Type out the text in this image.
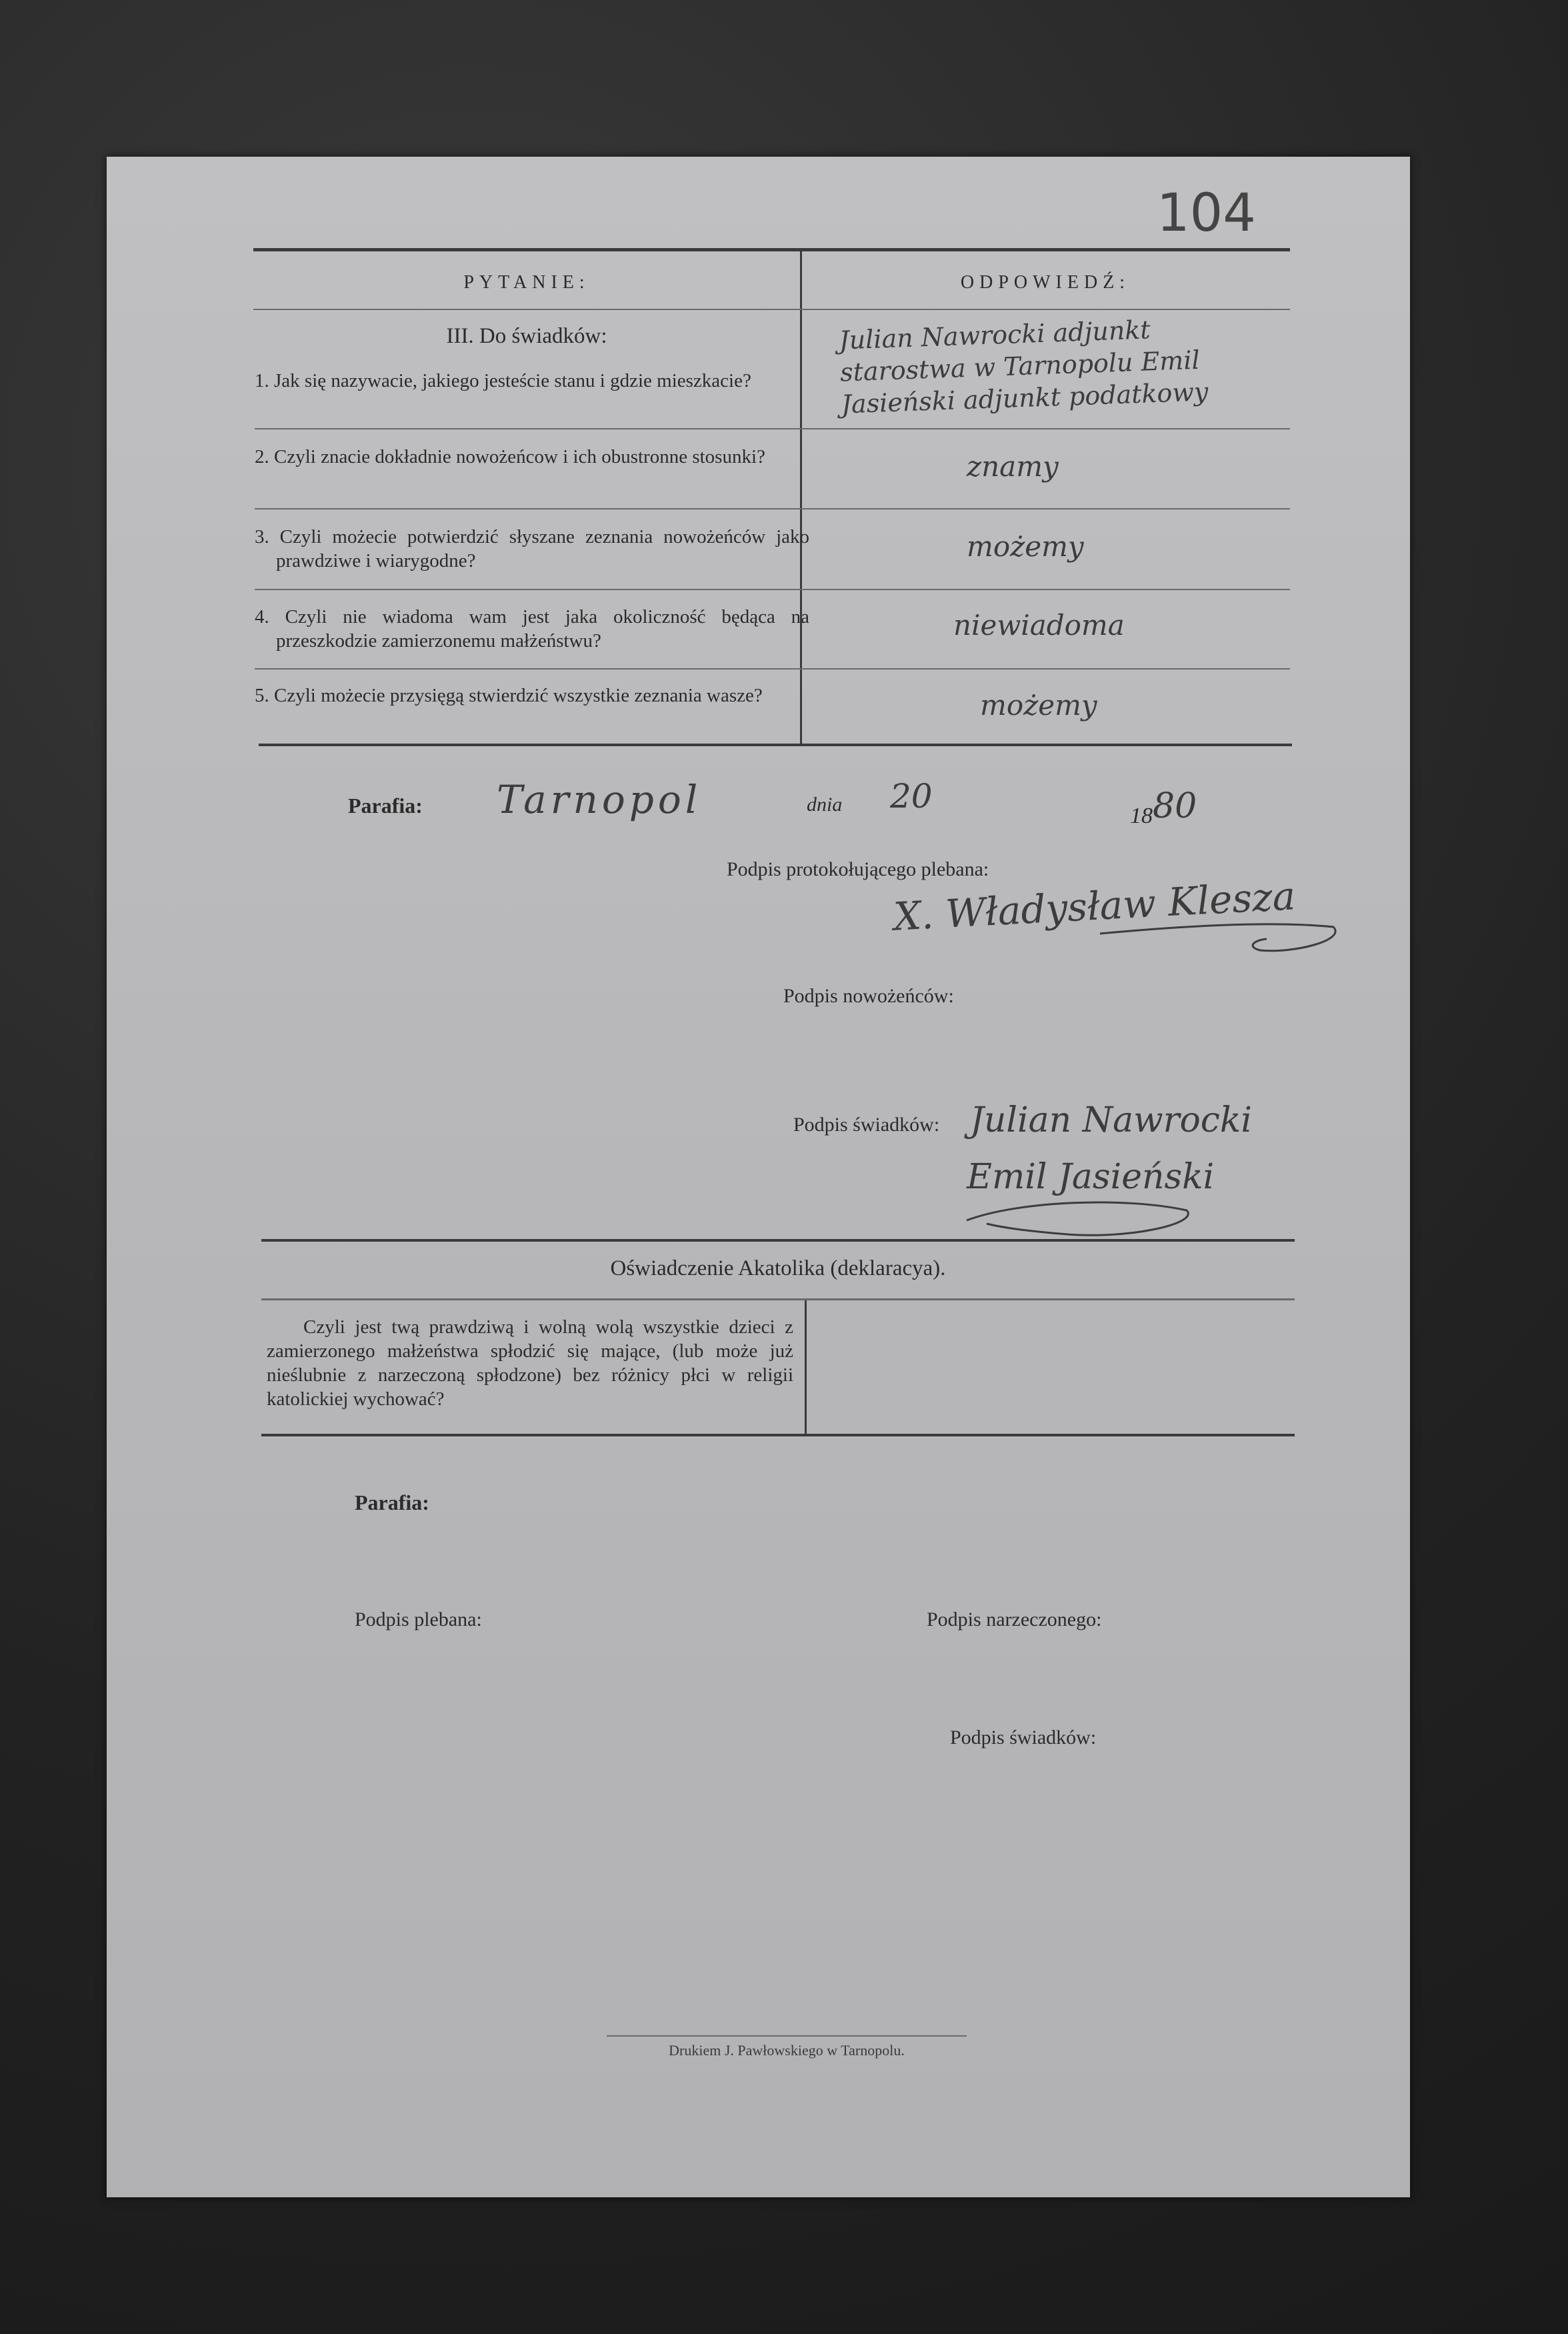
104
PYTANIE:	ODPOWIEDŹ:
III. Do świadków:
1. Jak się nazywacie, jakiego jesteście stanu i gdzie mieszkacie?
Julian Nawrocki adjunkt starostwa w Tarnopolu Emil Jasieński adjunkt podatkowy
2. Czyli znacie dokładnie nowożeńcow i ich obustronne stosunki?	znamy
3. Czyli możecie potwierdzić słyszane zeznania nowożeńców jako prawdziwe i wiarygodne?	możemy
4. Czyli nie wiadoma wam jest jaka okoliczność będąca na przeszkodzie zamierzonemu małżeństwu?	niewiadoma
5. Czyli możecie przysięgą stwierdzić wszystkie zeznania wasze?	możemy
Parafia: Tarnopol	dnia 20
1880
Podpis protokołującego plebana:
X. Władysław Klesza
Podpis nowożeńców:
Podpis świadków: Julian Nawrocki
Emil Jasieński
Oświadczenie Akatolika (deklaracya).
Czyli jest twą prawdziwą i wolną wolą wszystkie dzieci z zamierzonego małżeństwa spłodzić się mające, (lub może już nieślubnie z narzeczoną spłodzone) bez różnicy płci w religii katolickiej wychować?
Parafia:
Podpis plebana:	Podpis narzeczonego:
Podpis świadków:
Drukiem J. Pawłowskiego w Tarnopolu.
